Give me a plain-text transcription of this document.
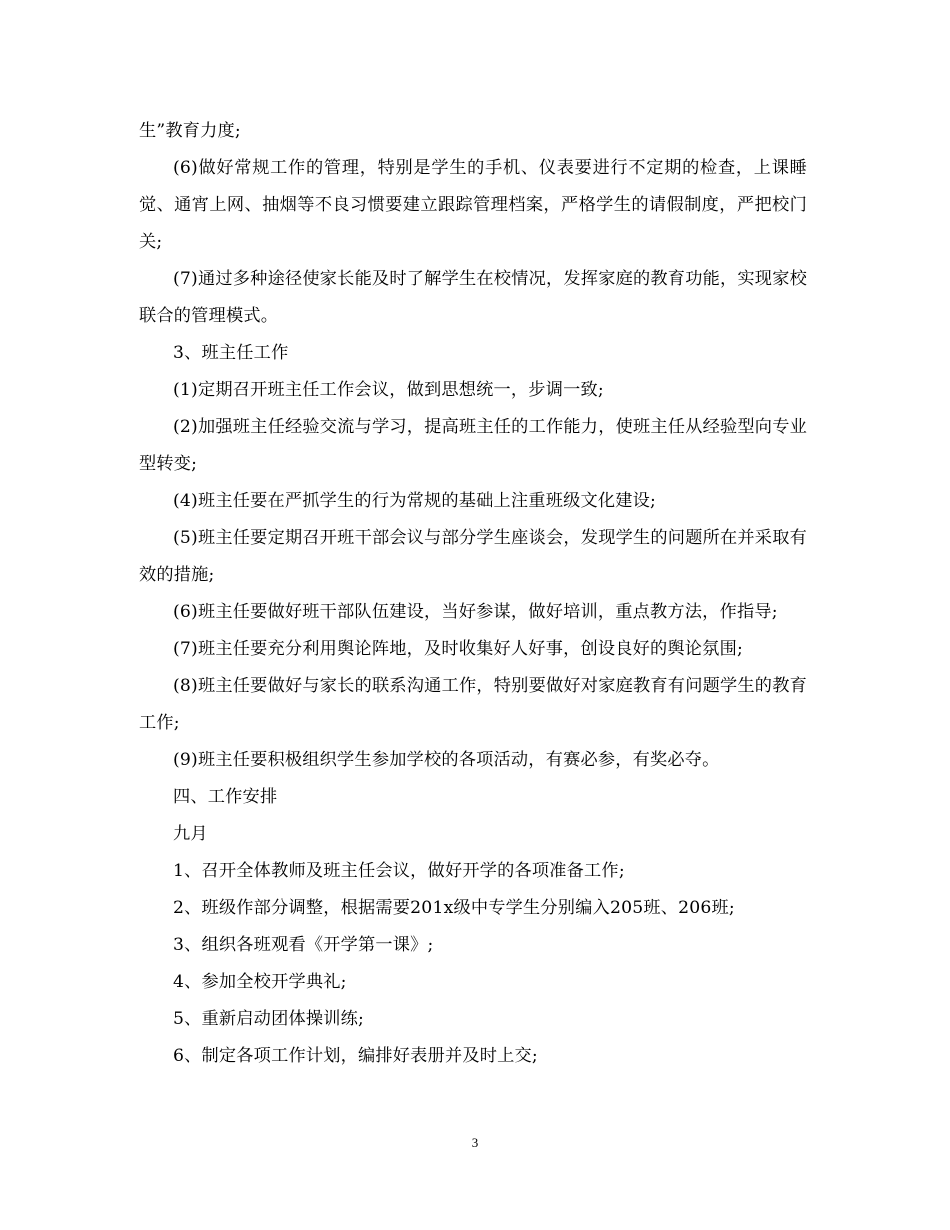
生”教育力度;

(6)做好常规工作的管理，特别是学生的手机、仪表要进行不定期的检查，上课睡觉、通宵上网、抽烟等不良习惯要建立跟踪管理档案，严格学生的请假制度，严把校门关;

(7)通过多种途径使家长能及时了解学生在校情况，发挥家庭的教育功能，实现家校联合的管理模式。

3、班主任工作

(1)定期召开班主任工作会议，做到思想统一，步调一致;

(2)加强班主任经验交流与学习，提高班主任的工作能力，使班主任从经验型向专业型转变;

(4)班主任要在严抓学生的行为常规的基础上注重班级文化建设;

(5)班主任要定期召开班干部会议与部分学生座谈会，发现学生的问题所在并采取有效的措施;

(6)班主任要做好班干部队伍建设，当好参谋，做好培训，重点教方法，作指导;

(7)班主任要充分利用舆论阵地，及时收集好人好事，创设良好的舆论氛围;

(8)班主任要做好与家长的联系沟通工作，特别要做好对家庭教育有问题学生的教育工作;

(9)班主任要积极组织学生参加学校的各项活动，有赛必参，有奖必夺。

四、工作安排

九月

1、召开全体教师及班主任会议，做好开学的各项准备工作;

2、班级作部分调整，根据需要201x级中专学生分别编入205班、206班;

3、组织各班观看《开学第一课》;

4、参加全校开学典礼;

5、重新启动团体操训练;

6、制定各项工作计划，编排好表册并及时上交;

3
